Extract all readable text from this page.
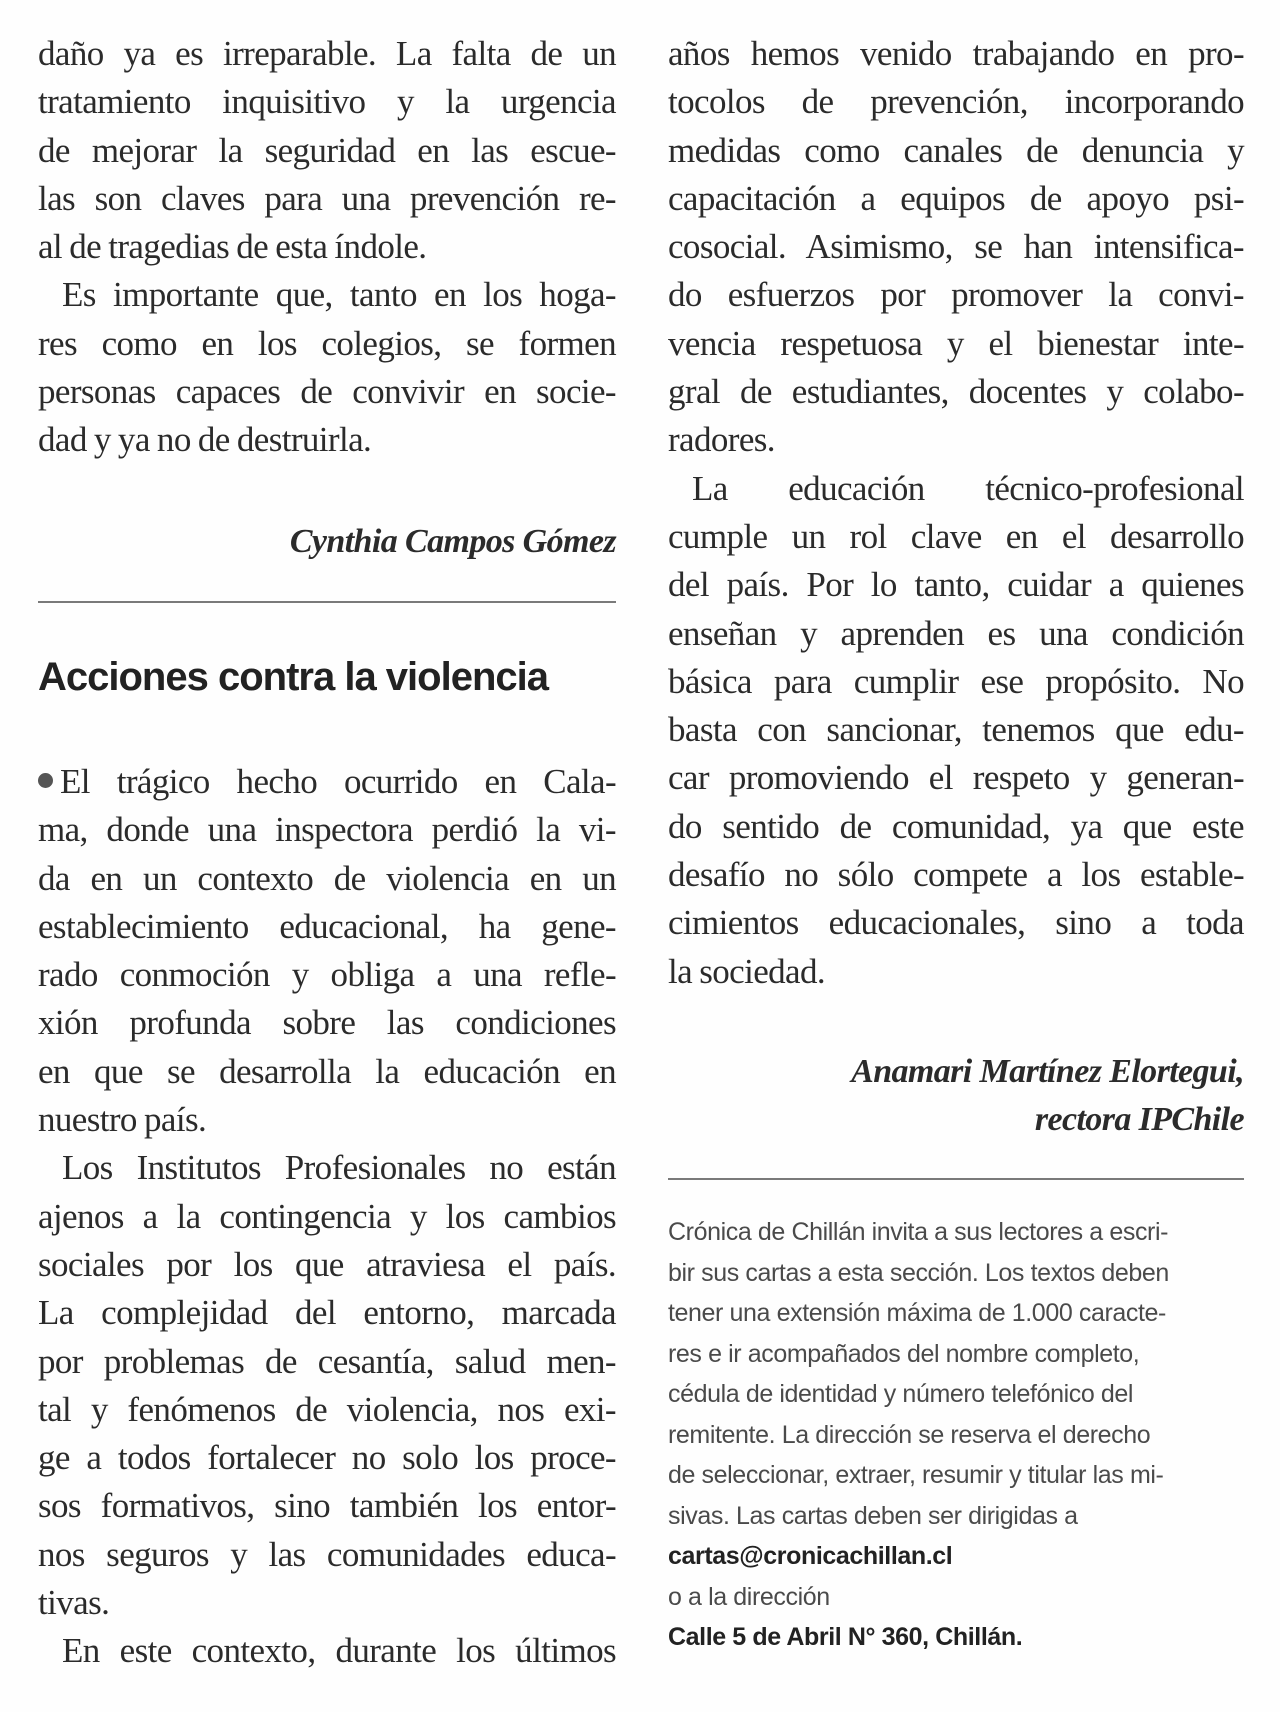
daño ya es irreparable. La falta de un
tratamiento inquisitivo y la urgencia
de mejorar la seguridad en las escue-
las son claves para una prevención re-
al de tragedias de esta índole.
Es importante que, tanto en los hoga-
res como en los colegios, se formen
personas capaces de convivir en socie-
dad y ya no de destruirla.

Cynthia Campos Gómez

Acciones contra la violencia
El trágico hecho ocurrido en Cala-
ma, donde una inspectora perdió la vi-
da en un contexto de violencia en un
establecimiento educacional, ha gene-
rado conmoción y obliga a una refle-
xión profunda sobre las condiciones
en que se desarrolla la educación en
nuestro país.
Los Institutos Profesionales no están
ajenos a la contingencia y los cambios
sociales por los que atraviesa el país.
La complejidad del entorno, marcada
por problemas de cesantía, salud men-
tal y fenómenos de violencia, nos exi-
ge a todos fortalecer no solo los proce-
sos formativos, sino también los entor-
nos seguros y las comunidades educa-
tivas.
En este contexto, durante los últimos
años hemos venido trabajando en pro-
tocolos de prevención, incorporando
medidas como canales de denuncia y
capacitación a equipos de apoyo psi-
cosocial. Asimismo, se han intensifica-
do esfuerzos por promover la convi-
vencia respetuosa y el bienestar inte-
gral de estudiantes, docentes y colabo-
radores.
La educación técnico-profesional
cumple un rol clave en el desarrollo
del país. Por lo tanto, cuidar a quienes
enseñan y aprenden es una condición
básica para cumplir ese propósito. No
basta con sancionar, tenemos que edu-
car promoviendo el respeto y generan-
do sentido de comunidad, ya que este
desafío no sólo compete a los estable-
cimientos educacionales, sino a toda
la sociedad.

Anamari Martínez Elortegui,

rectora IPChile

Crónica de Chillán invita a sus lectores a escri-
bir sus cartas a esta sección. Los textos deben
tener una extensión máxima de 1.000 caracte-
res e ir acompañados del nombre completo,
cédula de identidad y número telefónico del
remitente. La dirección se reserva el derecho
de seleccionar, extraer, resumir y titular las mi-
sivas. Las cartas deben ser dirigidas a
cartas@cronicachillan.cl
o a la dirección
Calle 5 de Abril N° 360, Chillán.
